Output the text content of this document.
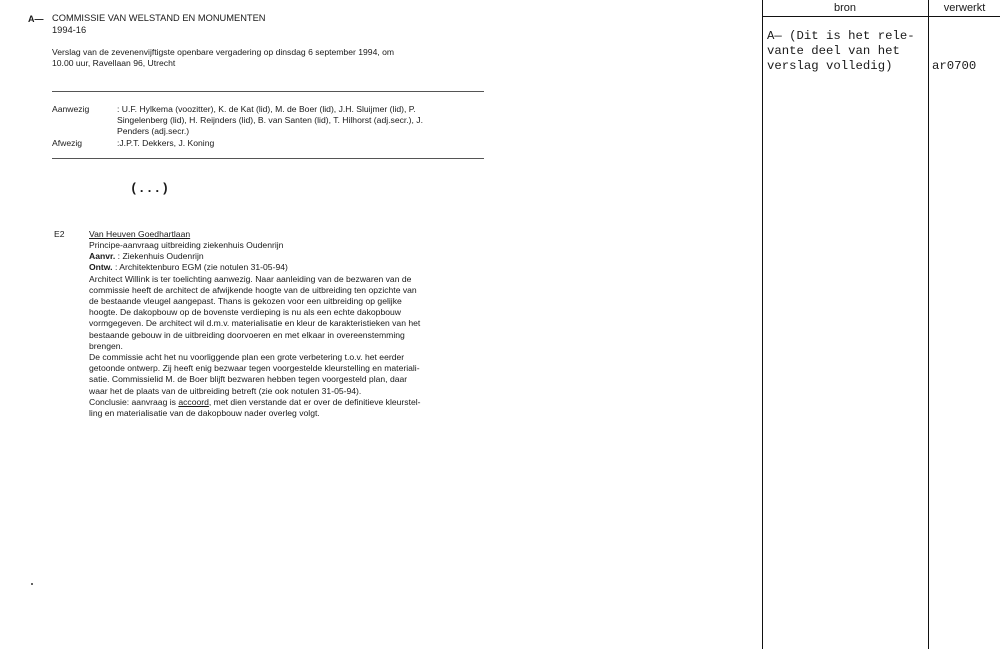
A— COMMISSIE VAN WELSTAND EN MONUMENTEN
1994-16
Verslag van de zevenenvijftigste openbare vergadering op dinsdag 6 september 1994, om
10.00 uur, Ravellaan 96, Utrecht
Aanwezig	: U.F. Hylkema (voozitter), K. de Kat (lid), M. de Boer (lid), J.H. Sluijmer (lid), P.
Singelenberg (lid), H. Reijnders (lid), B. van Santen (lid), T. Hilhorst (adj.secr.), J.
Penders (adj.secr.)
Afwezig	:J.P.T. Dekkers, J. Koning
(...)
E2	Van Heuven Goedhartlaan
Principe-aanvraag uitbreiding ziekenhuis Oudenrijn
Aanvr. : Ziekenhuis Oudenrijn
Ontw. : Architektenburo EGM (zie notulen 31-05-94)
Architect Willink is ter toelichting aanwezig. Naar aanleiding van de bezwaren van de
commissie heeft de architect de afwijkende hoogte van de uitbreiding ten opzichte van
de bestaande vleugel aangepast. Thans is gekozen voor een uitbreiding op gelijke
hoogte. De dakopbouw op de bovenste verdieping is nu als een echte dakopbouw
vormgegeven. De architect wil d.m.v. materialisatie en kleur de karakteristieken van het
bestaande gebouw in de uitbreiding doorvoeren en met elkaar in overeenstemming
brengen.
De commissie acht het nu voorliggende plan een grote verbetering t.o.v. het eerder
getoonde ontwerp. Zij heeft enig bezwaar tegen voorgestelde kleurstelling en materiali-
satie. Commissielid M. de Boer blijft bezwaren hebben tegen voorgesteld plan, daar
waar het de plaats van de uitbreiding betreft (zie ook notulen 31-05-94).
Conclusie: aanvraag is accoord, met dien verstande dat er over de definitieve kleurstel-
ling en materialisatie van de dakopbouw nader overleg volgt.
bron	verwerkt
A— (Dit is het rele-
vante deel van het
verslag volledig)	ar0700
